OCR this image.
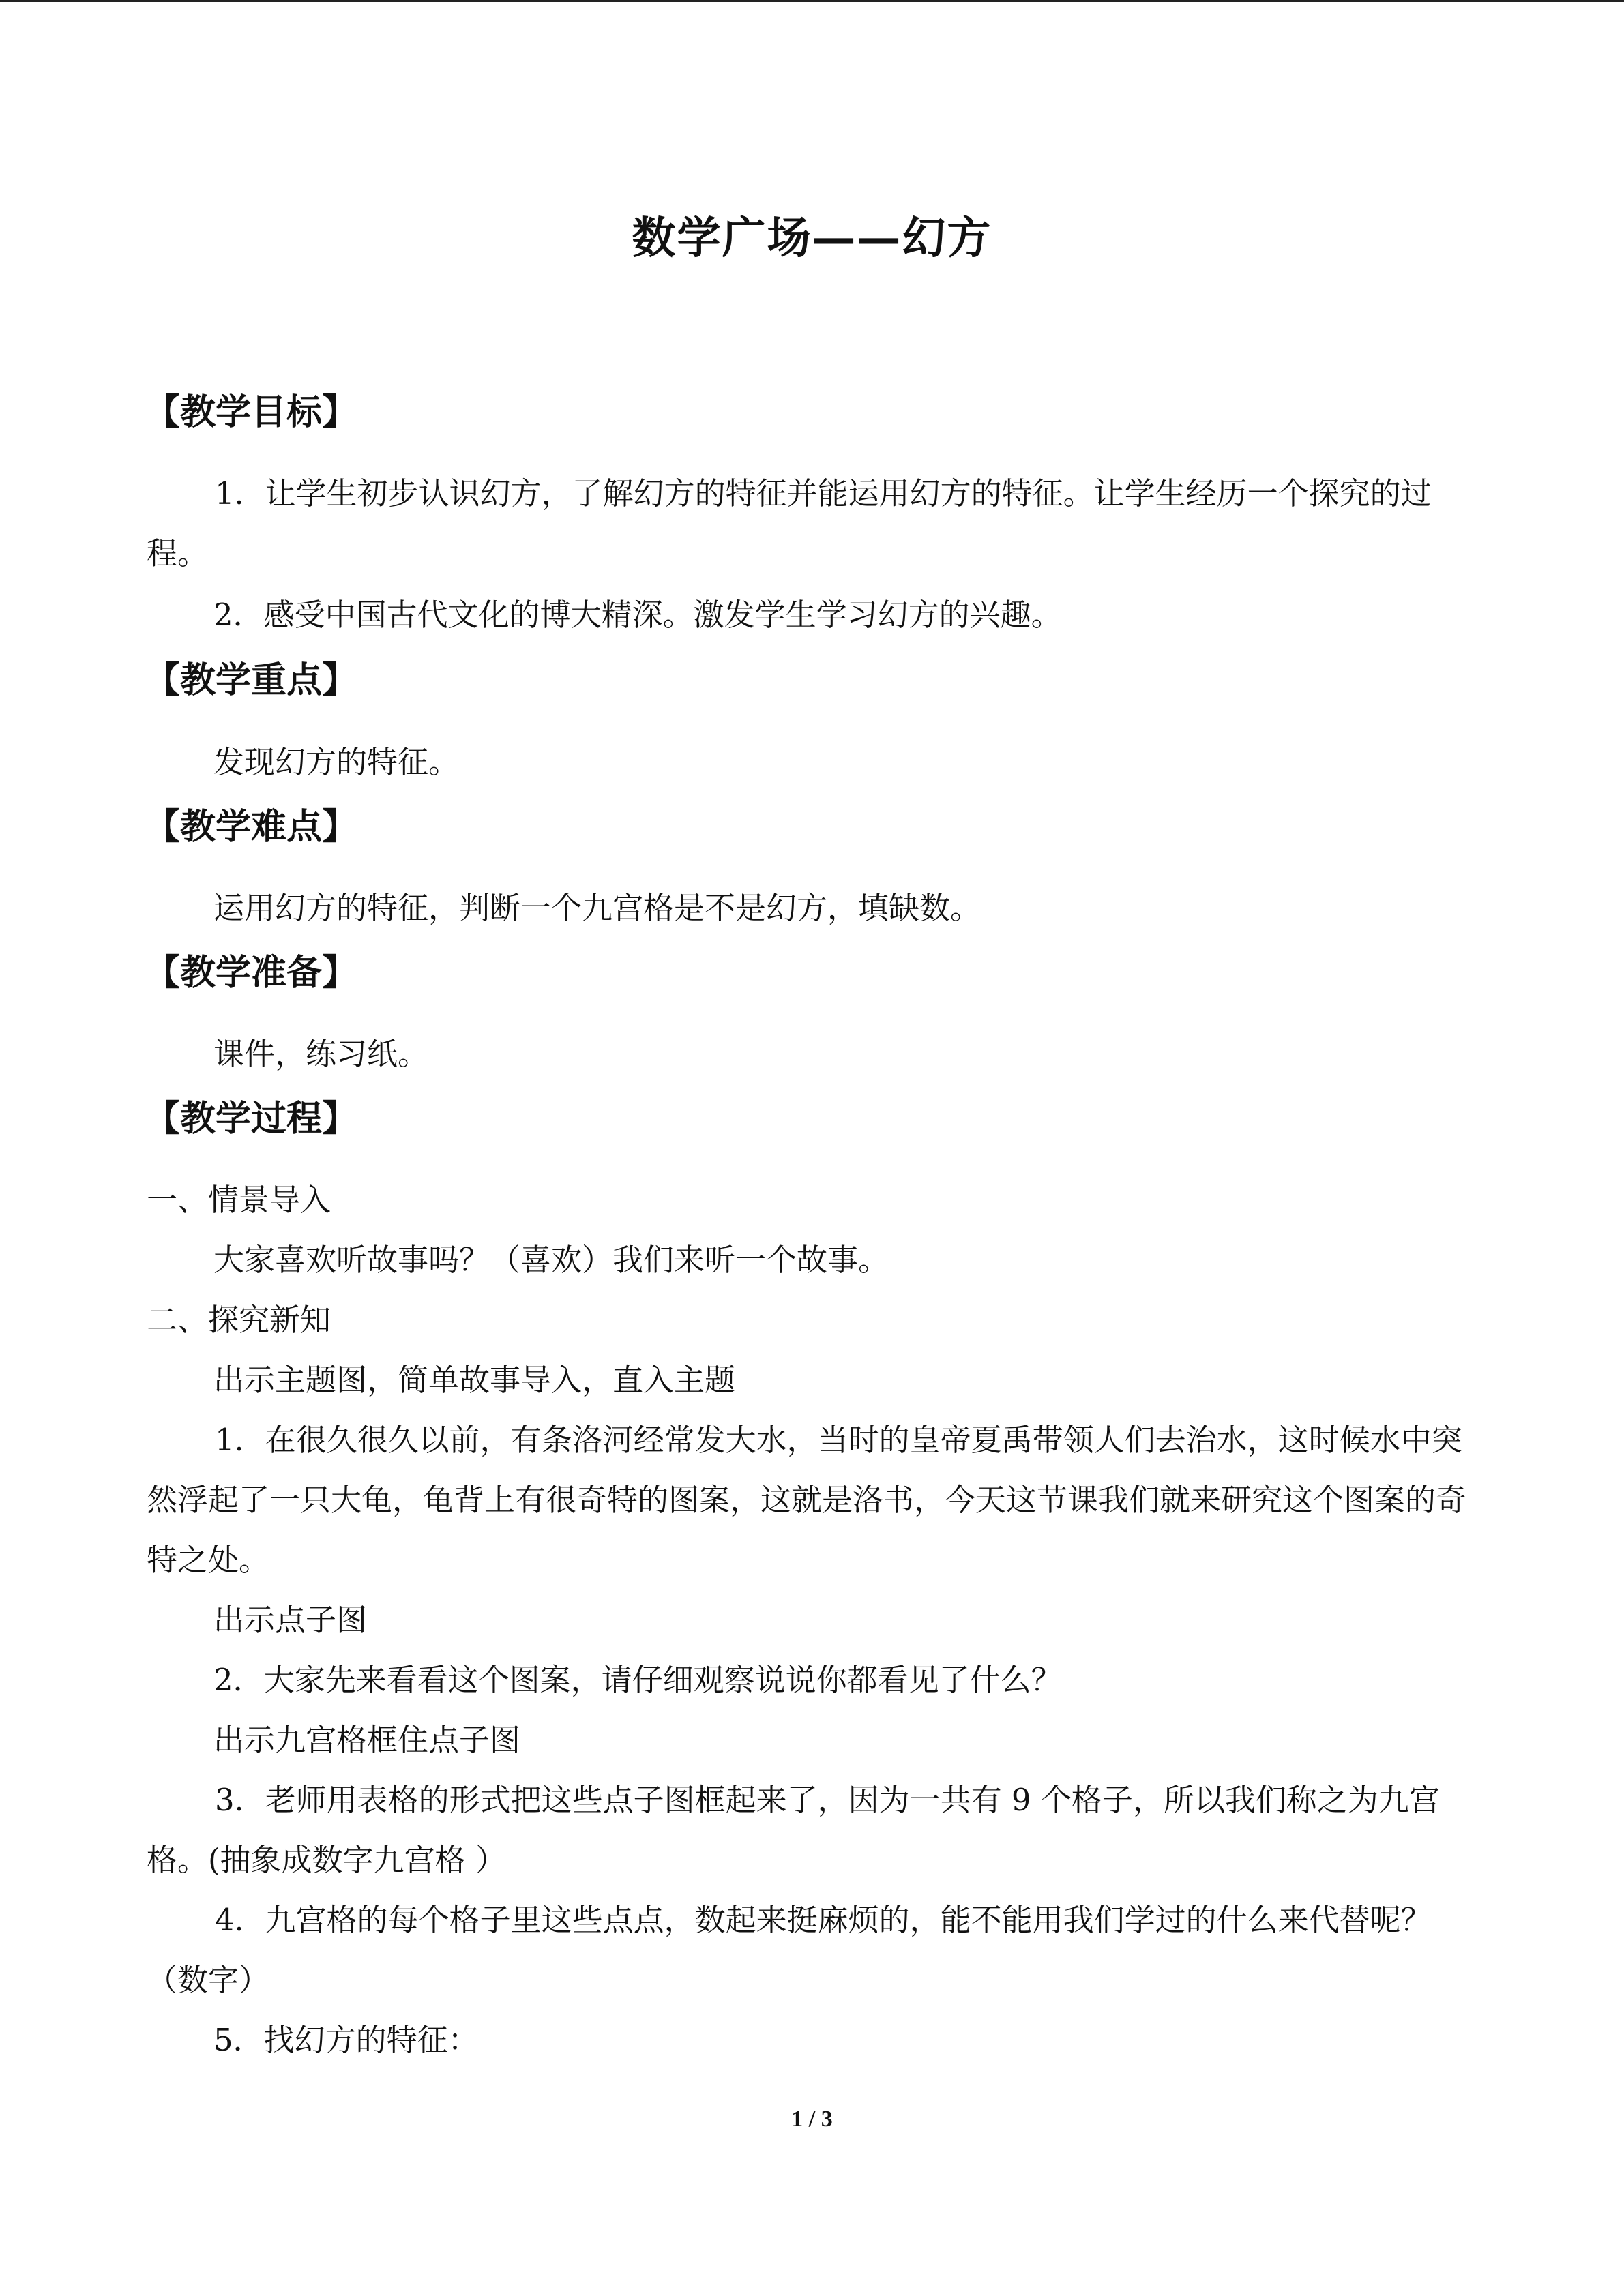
数学广场——幻方
【教学目标】

1．让学生初步认识幻方，了解幻方的特征并能运用幻方的特征。让学生经历一个探究的过程。

2．感受中国古代文化的博大精深。激发学生学习幻方的兴趣。
【教学重点】
发现幻方的特征。
【教学难点】
运用幻方的特征，判断一个九宫格是不是幻方，填缺数。
【教学准备】
课件，练习纸。
【教学过程】
一、情景导入
大家喜欢听故事吗？（喜欢）我们来听一个故事。
二、探究新知
出示主题图，简单故事导入，直入主题

1．在很久很久以前，有条洛河经常发大水，当时的皇帝夏禹带领人们去治水，这时候水中突然浮起了一只大龟，龟背上有很奇特的图案，这就是洛书，今天这节课我们就来研究这个图案的奇特之处。

出示点子图
2．大家先来看看这个图案，请仔细观察说说你都看见了什么？
出示九宫格框住点子图

3．老师用表格的形式把这些点子图框起来了，因为一共有 9 个格子，所以我们称之为九宫格。(抽象成数字九宫格 ）

4．九宫格的每个格子里这些点点，数起来挺麻烦的，能不能用我们学过的什么来代替呢？（数字）

5．找幻方的特征：
1 / 3
